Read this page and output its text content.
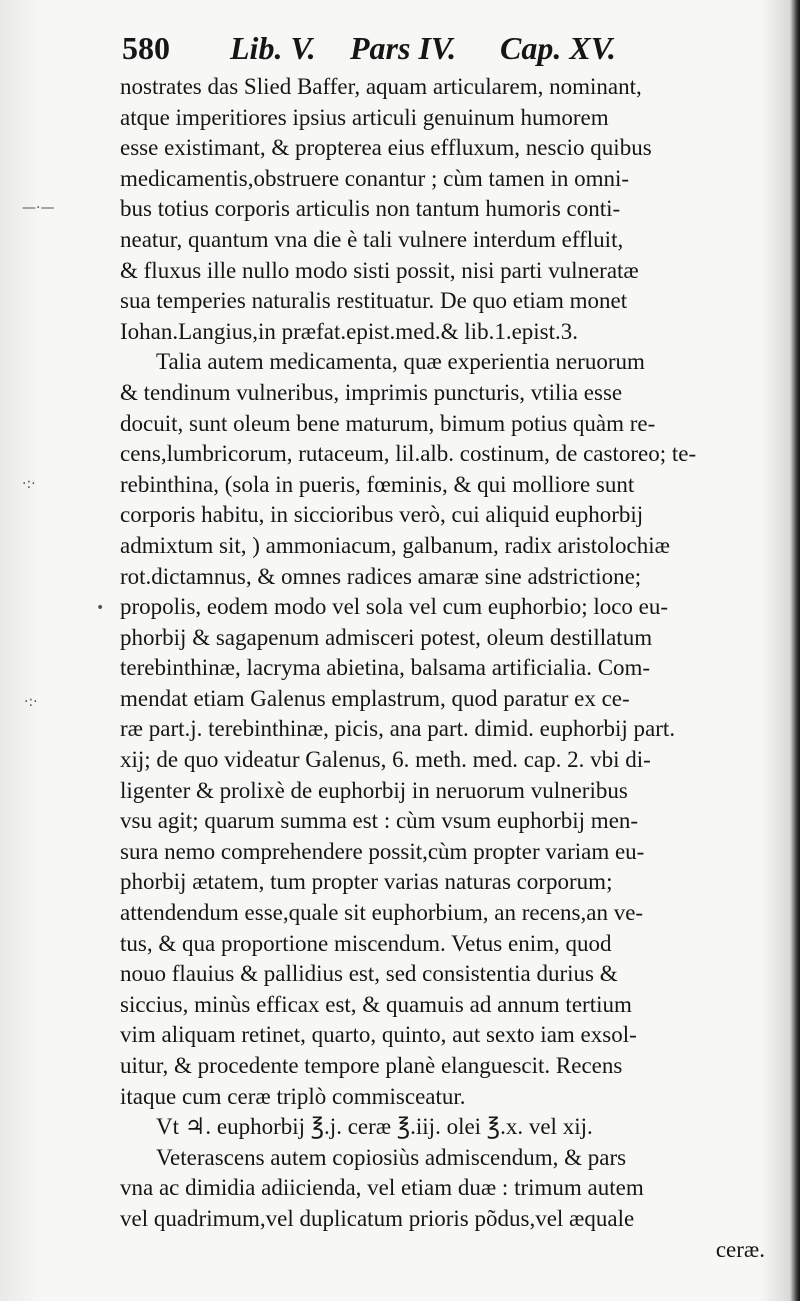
580 Lib. V. Pars IV. Cap. XV.
—·—
·:·
•
·:·
nostrates das Slied Baffer, aquam articularem, nominant,
atque imperitiores ipsius articuli genuinum humorem
esse existimant, & propterea eius effluxum, nescio quibus
medicamentis,obstruere conantur ; cùm tamen in omni-
bus totius corporis articulis non tantum humoris conti-
neatur, quantum vna die è tali vulnere interdum effluit,
& fluxus ille nullo modo sisti possit, nisi parti vulneratæ
sua temperies naturalis restituatur. De quo etiam monet
Iohan.Langius,in præfat.epist.med.& lib.1.epist.3.
Talia autem medicamenta, quæ experientia neruorum
& tendinum vulneribus, imprimis puncturis, vtilia esse
docuit, sunt oleum bene maturum, bimum potius quàm re-
cens,lumbricorum, rutaceum, lil.alb. costinum, de castoreo; te-
rebinthina, (sola in pueris, fœminis, & qui molliore sunt
corporis habitu, in siccioribus verò, cui aliquid euphorbij
admixtum sit, ) ammoniacum, galbanum, radix aristolochiæ
rot.dictamnus, & omnes radices amaræ sine adstrictione;
propolis, eodem modo vel sola vel cum euphorbio; loco eu-
phorbij & sagapenum admisceri potest, oleum destillatum
terebinthinæ, lacryma abietina, balsama artificialia. Com-
mendat etiam Galenus emplastrum, quod paratur ex ce-
ræ part.j. terebinthinæ, picis, ana part. dimid. euphorbij part.
xij; de quo videatur Galenus, 6. meth. med. cap. 2. vbi di-
ligenter & prolixè de euphorbij in neruorum vulneribus
vsu agit; quarum summa est : cùm vsum euphorbij men-
sura nemo comprehendere possit,cùm propter variam eu-
phorbij ætatem, tum propter varias naturas corporum;
attendendum esse,quale sit euphorbium, an recens,an ve-
tus, & qua proportione miscendum. Vetus enim, quod
nouo flauius & pallidius est, sed consistentia durius &
siccius, minùs efficax est, & quamuis ad annum tertium
vim aliquam retinet, quarto, quinto, aut sexto iam exsol-
uitur, & procedente tempore planè elanguescit. Recens
itaque cum ceræ triplò commisceatur.
Vt ♃. euphorbij ℥.j. ceræ ℥.iij. olei ℥.x. vel xij.
Veterascens autem copiosiùs admiscendum, & pars
vna ac dimidia adiicienda, vel etiam duæ : trimum autem
vel quadrimum,vel duplicatum prioris põdus,vel æquale
ceræ.
